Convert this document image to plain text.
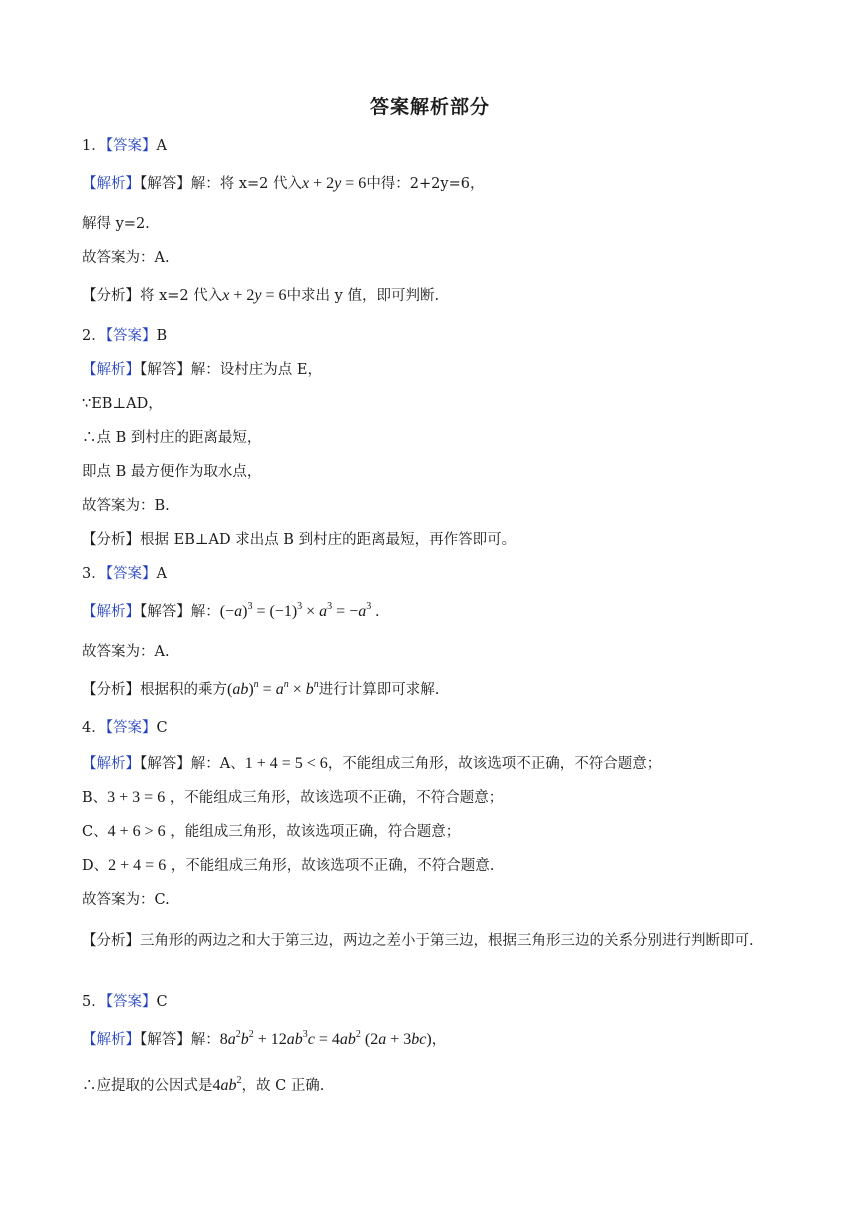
答案解析部分
1．【答案】A
【解析】【解答】解：将 x=2 代入x + 2y = 6中得：2+2y=6，
解得 y=2.
故答案为：A.
【分析】将 x=2 代入x + 2y = 6中求出 y 值，即可判断.
2．【答案】B
【解析】【解答】解：设村庄为点 E，
∵EB⊥AD，
∴点 B 到村庄的距离最短，
即点 B 最方便作为取水点，
故答案为：B.
【分析】根据 EB⊥AD 求出点 B 到村庄的距离最短，再作答即可。
3．【答案】A
【解析】【解答】解：$(-a)^3 = (-1)^3 \times a^3 = -a^3$ .
故答案为：A.
【分析】根据积的乘方$(ab)^n = a^n \times b^n$进行计算即可求解.
4．【答案】C
【解析】【解答】解：A、1 + 4 = 5 < 6，不能组成三角形，故该选项不正确，不符合题意；
B、3 + 3 = 6 ，不能组成三角形，故该选项不正确，不符合题意；
C、4 + 6 > 6 ，能组成三角形，故该选项正确，符合题意；
D、2 + 4 = 6 ，不能组成三角形，故该选项不正确，不符合题意.
故答案为：C.
【分析】三角形的两边之和大于第三边，两边之差小于第三边，根据三角形三边的关系分别进行判断即可.
5．【答案】C
【解析】【解答】解：$8a^2b^2 + 12ab^3c = 4ab^2$ (2a + 3bc)，
∴应提取的公因式是$4ab^2$，故 C 正确.
